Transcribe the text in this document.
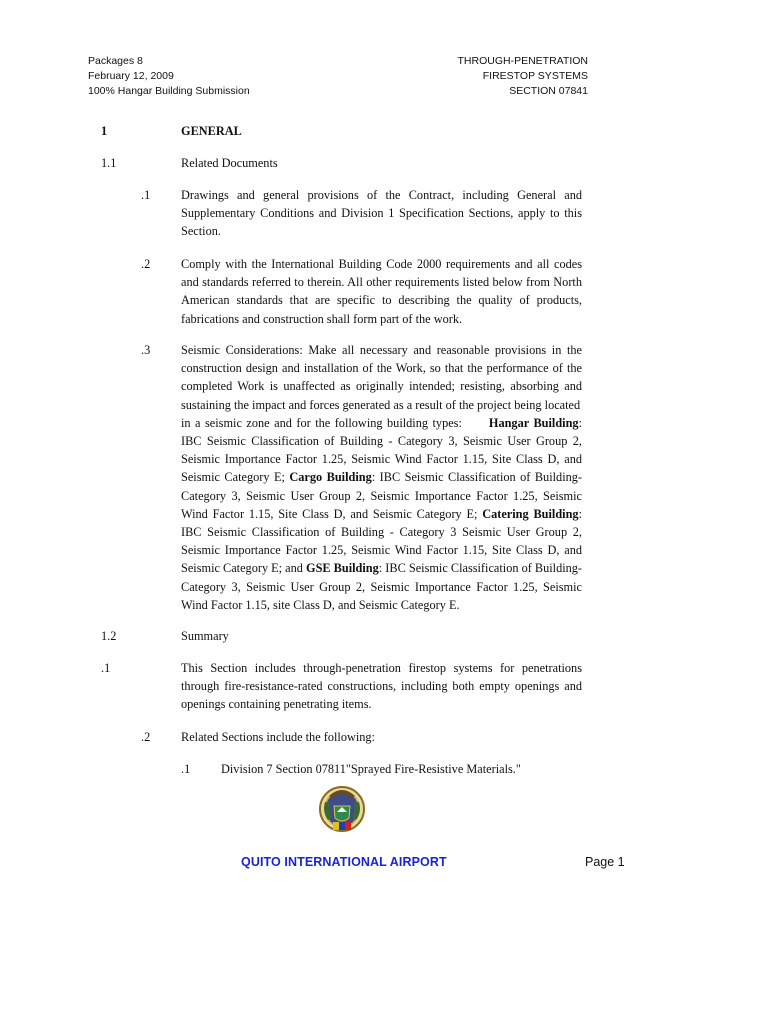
Packages 8
February 12, 2009
100% Hangar Building Submission
THROUGH-PENETRATION
FIRESTOP SYSTEMS
SECTION 07841
1	GENERAL
1.1	Related Documents
.1	Drawings and general provisions of the Contract, including General and
Supplementary Conditions and Division 1 Specification Sections, apply to this
Section.
.2	Comply with the International Building Code 2000 requirements and all codes
and standards referred to therein. All other requirements listed below from North
American standards that are specific to describing the quality of products,
fabrications and construction shall form part of the work.
.3	Seismic Considerations: Make all necessary and reasonable provisions in the
construction design and installation of the Work, so that the performance of the
completed Work is unaffected as originally intended; resisting, absorbing and
sustaining the impact and forces generated as a result of the project being located
in a seismic zone and for the following building types: Hangar Building:
IBC Seismic Classification of Building - Category 3, Seismic User Group 2,
Seismic Importance Factor 1.25, Seismic Wind Factor 1.15, Site Class D, and
Seismic Category E; Cargo Building: IBC Seismic Classification of Building-
Category 3, Seismic User Group 2, Seismic Importance Factor 1.25, Seismic
Wind Factor 1.15, Site Class D, and Seismic Category E; Catering Building:
IBC Seismic Classification of Building - Category 3 Seismic User Group 2,
Seismic Importance Factor 1.25, Seismic Wind Factor 1.15, Site Class D, and
Seismic Category E; and GSE Building: IBC Seismic Classification of Building-
Category 3, Seismic User Group 2, Seismic Importance Factor 1.25, Seismic
Wind Factor 1.15, site Class D, and Seismic Category E.
1.2	Summary
.1	This Section includes through-penetration firestop systems for penetrations
through fire-resistance-rated constructions, including both empty openings and
openings containing penetrating items.
.2	Related Sections include the following:
.1	Division 7 Section 07811"Sprayed Fire-Resistive Materials."
QUITO INTERNATIONAL AIRPORT	Page 1
